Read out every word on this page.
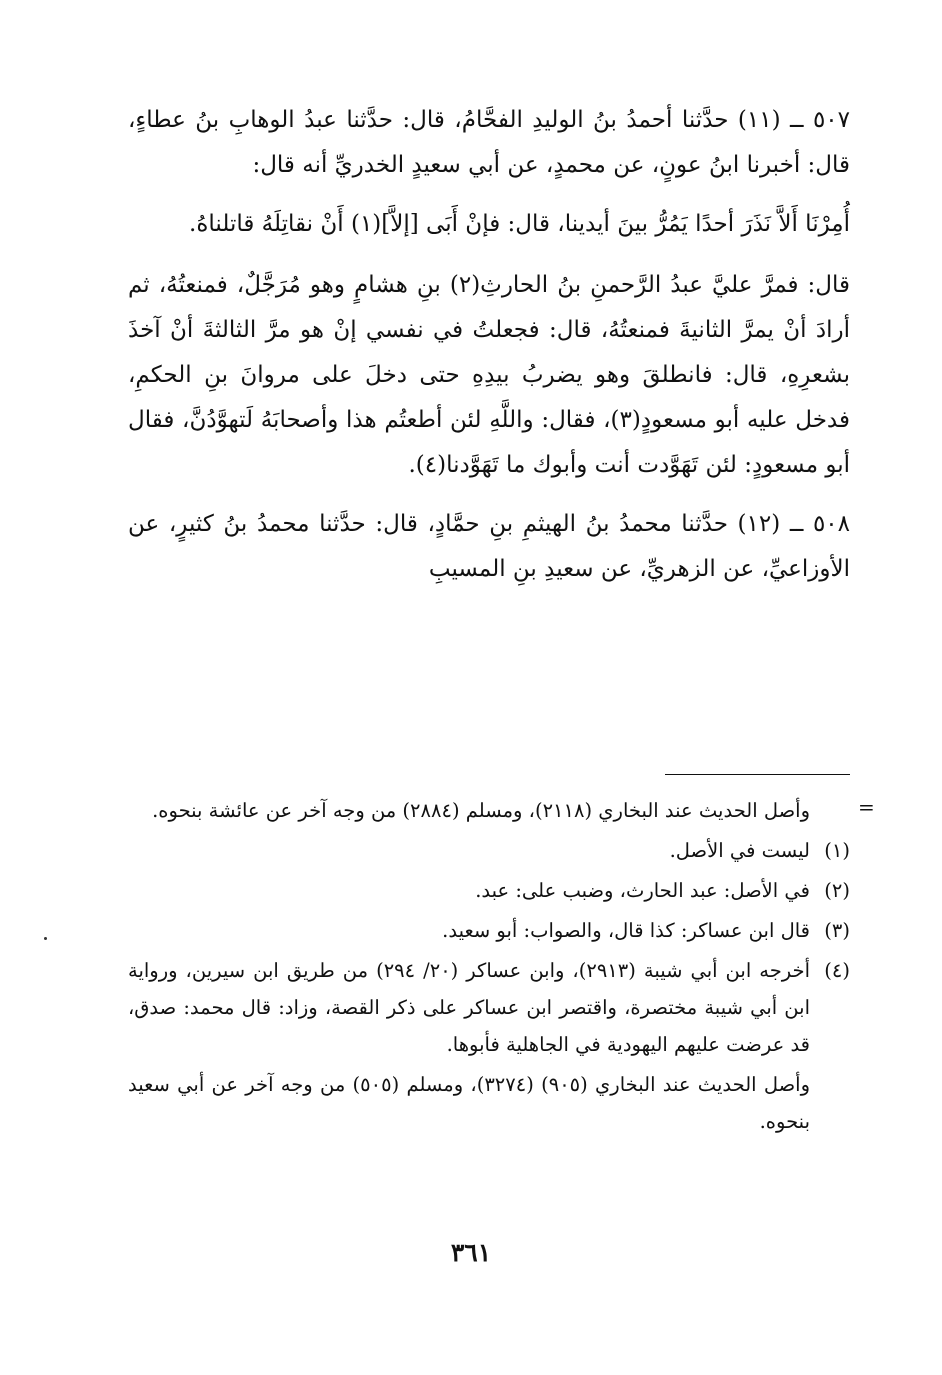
٥٠٧ ــ (١١) حدَّثنا أحمدُ بنُ الوليدِ الفحَّامُ، قال: حدَّثنا عبدُ الوهابِ بنُ عطاءٍ، قال: أخبرنا ابنُ عونٍ، عن محمدٍ، عن أبي سعيدٍ الخدريِّ أنه قال:

أُمِرْنَا أَلاَّ نَذَرَ أحدًا يَمُرُّ بينَ أيدينا، قال: فإنْ أَبَى [إلاَّ](١) أَنْ نقاتِلَهُ قاتلناهُ.

قال: فمرَّ عليَّ عبدُ الرَّحمنِ بنُ الحارثِ(٢) بنِ هشامٍ وهو مُرَجَّلٌ، فمنعتُهُ، ثم أرادَ أنْ يمرَّ الثانيةَ فمنعتُهُ، قال: فجعلتُ في نفسي إنْ هو مرَّ الثالثةَ أنْ آخذَ بشعرِهِ، قال: فانطلقَ وهو يضربُ بيدِهِ حتى دخلَ على مروانَ بنِ الحكمِ، فدخل عليه أبو مسعودٍ(٣)، فقال: واللَّهِ لئن أطعتُم هذا وأصحابَهُ لَتهوَّدُنَّ، فقال أبو مسعودٍ: لئن تَهَوَّدت أنت وأبوك ما تَهَوَّدنا(٤).

٥٠٨ ــ (١٢) حدَّثنا محمدُ بنُ الهيثمِ بنِ حمَّادٍ، قال: حدَّثنا محمدُ بنُ كثيرٍ، عن الأوزاعيِّ، عن الزهريِّ، عن سعيدِ بنِ المسيبِ

=
وأصل الحديث عند البخاري (٢١١٨)، ومسلم (٢٨٨٤) من وجه آخر عن عائشة بنحوه.
(١)
ليست في الأصل.
(٢)
في الأصل: عبد الحارث، وضبب على: عبد.
(٣)
قال ابن عساكر: كذا قال، والصواب: أبو سعيد.
(٤)
أخرجه ابن أبي شيبة (٢٩١٣)، وابن عساكر (٢٠/ ٢٩٤) من طريق ابن سيرين، ورواية ابن أبي شيبة مختصرة، واقتصر ابن عساكر على ذكر القصة، وزاد: قال محمد: صدق، قد عرضت عليهم اليهودية في الجاهلية فأبوها.
وأصل الحديث عند البخاري (٩٠٥) (٣٢٧٤)، ومسلم (٥٠٥) من وجه آخر عن أبي سعيد بنحوه.
٣٦١
